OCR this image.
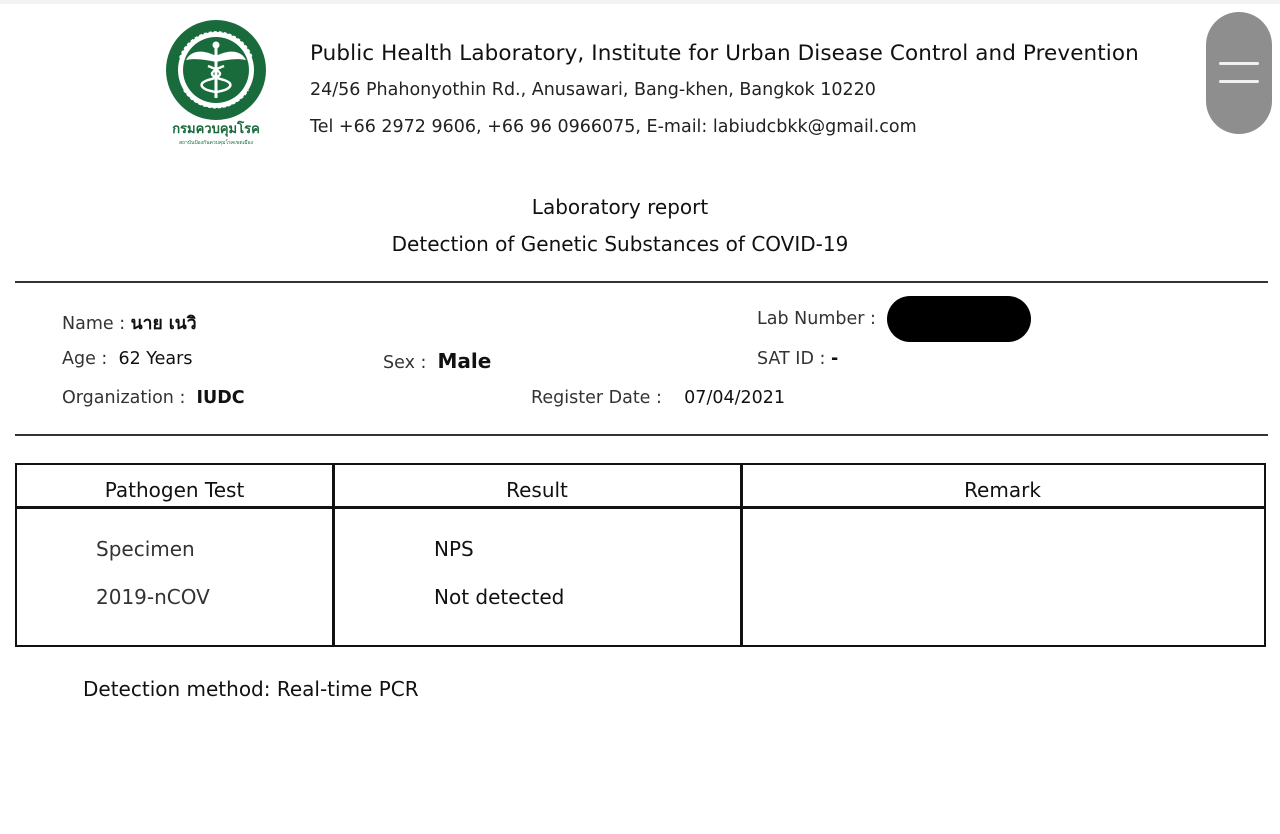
กรมควบคุมโรค
สถาบันป้องกันควบคุมโรคเขตเมือง
Public Health Laboratory, Institute for Urban Disease Control and Prevention
24/56 Phahonyothin Rd., Anusawari, Bang-khen, Bangkok 10220
Tel +66 2972 9606, +66 96 0966075, E-mail: labiudcbkk@gmail.com
Laboratory report
Detection of Genetic Substances of COVID-19
Name : นาย เนวิ
Age : 62 Years	Sex : Male
Organization : IUDC
Lab Number :
SAT ID : -
Register Date : 07/04/2021
Pathogen Test	Result	Remark
Specimen	NPS
2019-nCOV	Not detected
Detection method: Real-time PCR
